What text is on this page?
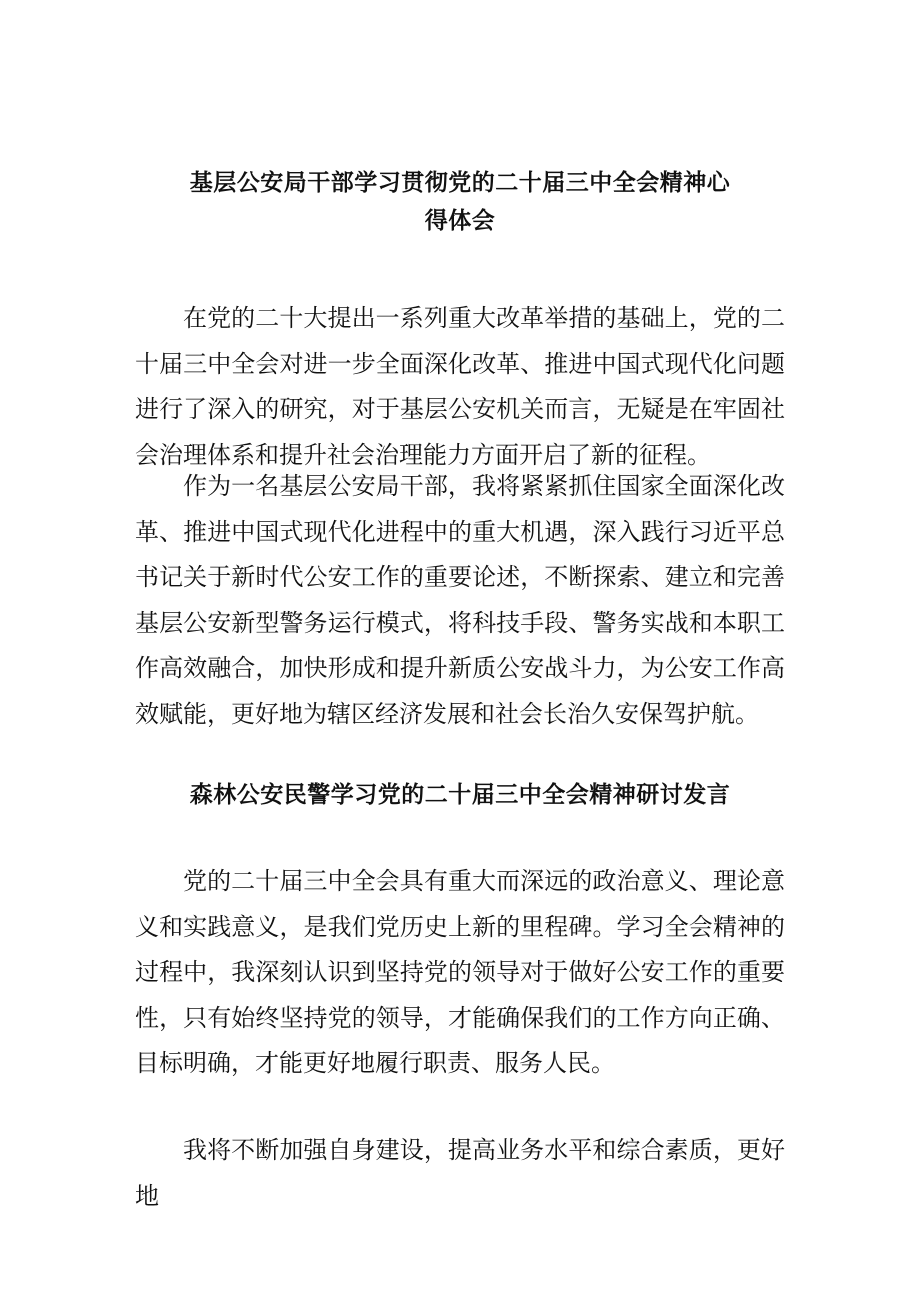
基层公安局干部学习贯彻党的二十届三中全会精神心
得体会

在党的二十大提出一系列重大改革举措的基础上，党的二十届三中全会对进一步全面深化改革、推进中国式现代化问题进行了深入的研究，对于基层公安机关而言，无疑是在牢固社会治理体系和提升社会治理能力方面开启了新的征程。

作为一名基层公安局干部，我将紧紧抓住国家全面深化改革、推进中国式现代化进程中的重大机遇，深入践行习近平总书记关于新时代公安工作的重要论述，不断探索、建立和完善基层公安新型警务运行模式，将科技手段、警务实战和本职工作高效融合，加快形成和提升新质公安战斗力，为公安工作高效赋能，更好地为辖区经济发展和社会长治久安保驾护航。

森林公安民警学习党的二十届三中全会精神研讨发言

党的二十届三中全会具有重大而深远的政治意义、理论意义和实践意义，是我们党历史上新的里程碑。学习全会精神的过程中，我深刻认识到坚持党的领导对于做好公安工作的重要性，只有始终坚持党的领导，才能确保我们的工作方向正确、目标明确，才能更好地履行职责、服务人民。

我将不断加强自身建设，提高业务水平和综合素质，更好地
